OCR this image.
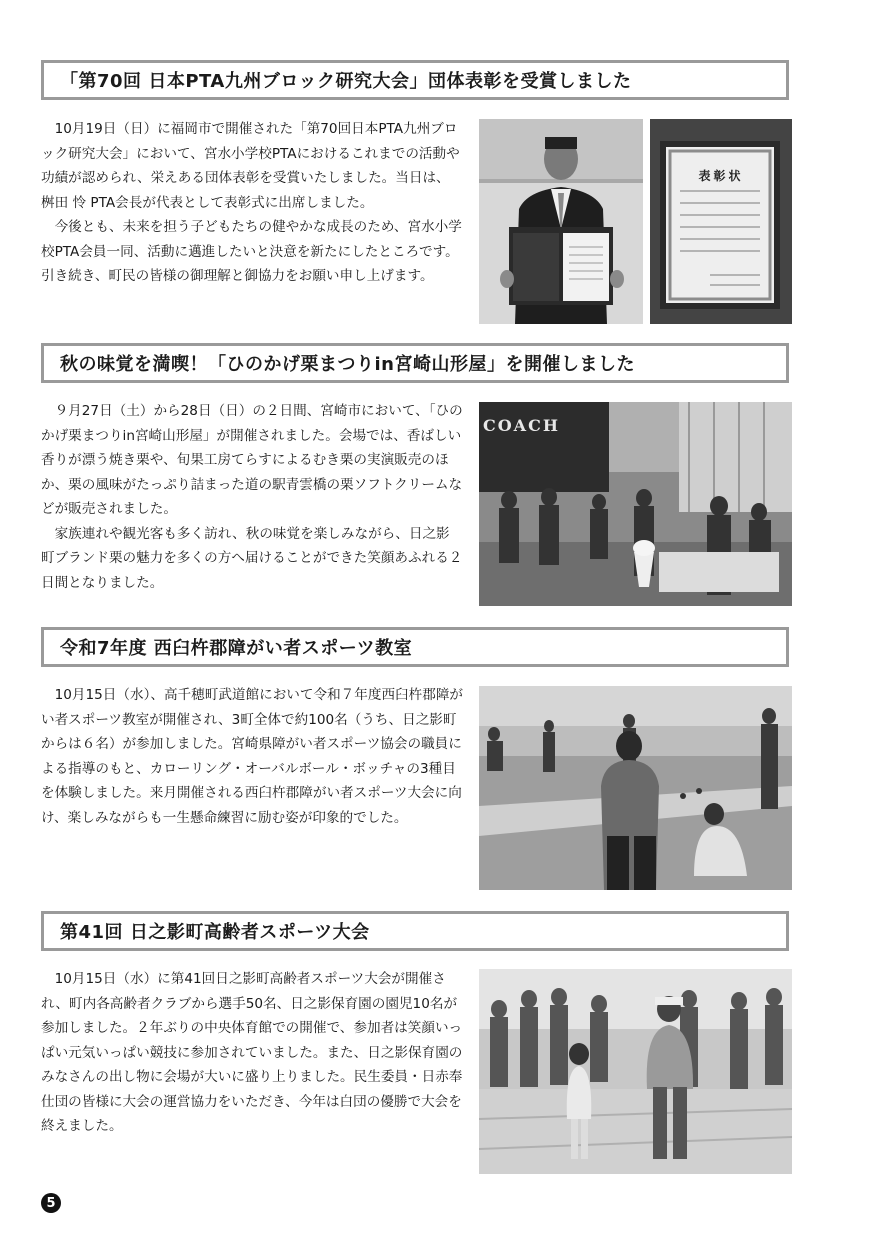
「第70回 日本PTA九州ブロック研究大会」団体表彰を受賞しました

10月19日（日）に福岡市で開催された「第70回日本PTA九州ブロック研究大会」において、宮水小学校PTAにおけるこれまでの活動や功績が認められ、栄えある団体表彰を受賞いたしました。当日は、桝田 怜 PTA会長が代表として表彰式に出席しました。

今後とも、未来を担う子どもたちの健やかな成長のため、宮水小学校PTA会員一同、活動に邁進したいと決意を新たにしたところです。引き続き、町民の皆様の御理解と御協力をお願い申し上げます。

表彰状
秋の味覚を満喫！「ひのかげ栗まつりin宮崎山形屋」を開催しました

９月27日（土）から28日（日）の２日間、宮崎市において、「ひのかげ栗まつりin宮崎山形屋」が開催されました。会場では、香ばしい香りが漂う焼き栗や、旬果工房てらすによるむき栗の実演販売のほか、栗の風味がたっぷり詰まった道の駅青雲橋の栗ソフトクリームなどが販売されました。

家族連れや観光客も多く訪れ、秋の味覚を楽しみながら、日之影町ブランド栗の魅力を多くの方へ届けることができた笑顔あふれる２日間となりました。

COACH
令和7年度 西臼杵郡障がい者スポーツ教室

10月15日（水）、高千穂町武道館において令和７年度西臼杵郡障がい者スポーツ教室が開催され、3町全体で約100名（うち、日之影町からは６名）が参加しました。宮崎県障がい者スポーツ協会の職員による指導のもと、カローリング・オーバルボール・ボッチャの3種目を体験しました。来月開催される西臼杵郡障がい者スポーツ大会に向け、楽しみながらも一生懸命練習に励む姿が印象的でした。

第41回 日之影町高齢者スポーツ大会

10月15日（水）に第41回日之影町高齢者スポーツ大会が開催され、町内各高齢者クラブから選手50名、日之影保育園の園児10名が参加しました。２年ぶりの中央体育館での開催で、参加者は笑顔いっぱい元気いっぱい競技に参加されていました。また、日之影保育園のみなさんの出し物に会場が大いに盛り上りました。民生委員・日赤奉仕団の皆様に大会の運営協力をいただき、今年は白団の優勝で大会を終えました。

5
